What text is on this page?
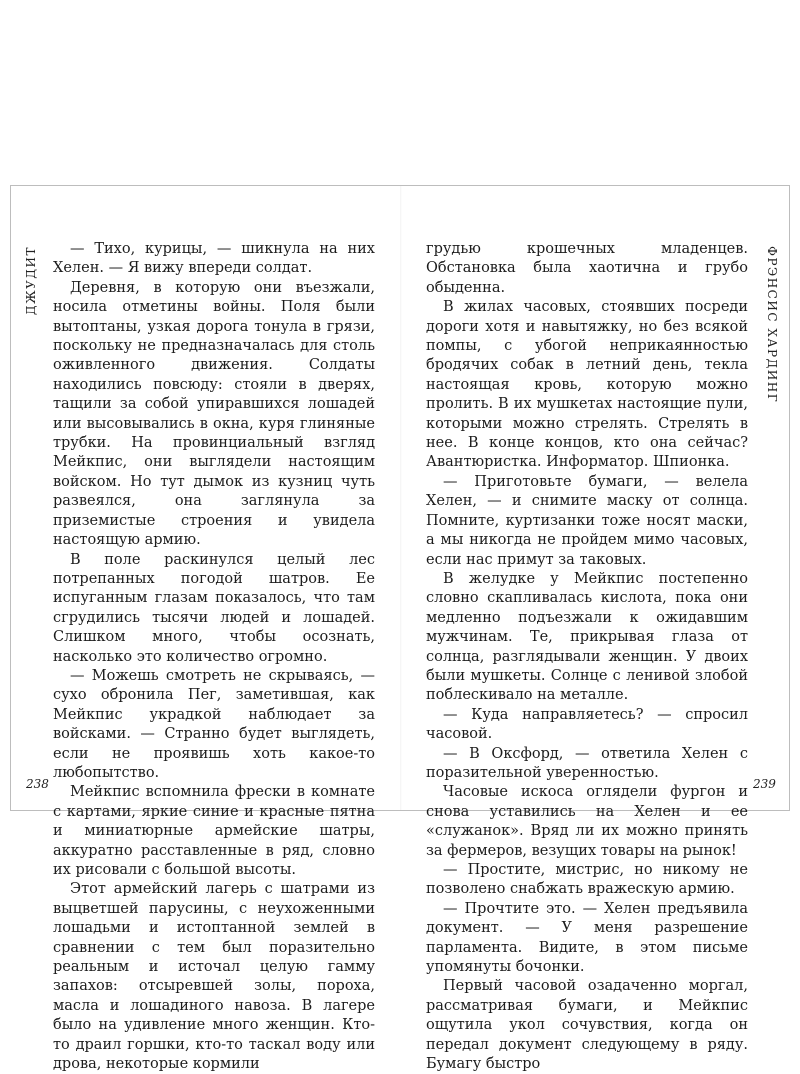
ДЖУДИТ	ФРЭНСИС ХАРДИНГ

— Тихо, курицы, — шикнула на них Хелен. — Я вижу впереди солдат.

Деревня, в которую они въезжали, носила отметины войны. Поля были вытоптаны, узкая дорога тонула в грязи, поскольку не предназначалась для столь оживленного движения. Солдаты находились повсюду: стояли в дверях, тащили за собой упиравшихся лошадей или высовывались в окна, куря глиняные трубки. На провинциальный взгляд Мейкпис, они выглядели настоящим войском. Но тут дымок из кузниц чуть развеялся, она заглянула за приземистые строения и увидела настоящую армию.

В поле раскинулся целый лес потрепанных погодой шатров. Ее испуганным глазам показалось, что там сгрудились тысячи людей и лошадей. Слишком много, чтобы осознать, насколько это количество огромно.

— Можешь смотреть не скрываясь, — сухо обронила Пег, заметившая, как Мейкпис украдкой наблюдает за войсками. — Странно будет выглядеть, если не проявишь хоть какое-то любопытство.

Мейкпис вспомнила фрески в комнате с картами, яркие синие и красные пятна и миниатюрные армейские шатры, аккуратно расставленные в ряд, словно их рисовали с большой высоты.

Этот армейский лагерь с шатрами из выцветшей парусины, с неухоженными лошадьми и истоптанной землей в сравнении с тем был поразительно реальным и источал целую гамму запахов: отсыревшей золы, пороха, масла и лошадиного навоза. В лагере было на удивление много женщин. Кто-то драил горшки, кто-то таскал воду или дрова, некоторые кормили

грудью крошечных младенцев. Обстановка была хаотична и грубо обыденна.

В жилах часовых, стоявших посреди дороги хотя и навытяжку, но без всякой помпы, с убогой неприкаянностью бродячих собак в летний день, текла настоящая кровь, которую можно пролить. В их мушкетах настоящие пули, которыми можно стрелять. Стрелять в нее. В конце концов, кто она сейчас? Авантюристка. Информатор. Шпионка.

— Приготовьте бумаги, — велела Хелен, — и снимите маску от солнца. Помните, куртизанки тоже носят маски, а мы никогда не пройдем мимо часовых, если нас примут за таковых.

В желудке у Мейкпис постепенно словно скапливалась кислота, пока они медленно подъезжали к ожидавшим мужчинам. Те, прикрывая глаза от солнца, разглядывали женщин. У двоих были мушкеты. Солнце с ленивой злобой поблескивало на металле.

— Куда направляетесь? — спросил часовой.

— В Оксфорд, — ответила Хелен с поразительной уверенностью.

Часовые искоса оглядели фургон и снова уставились на Хелен и ее «служанок». Вряд ли их можно принять за фермеров, везущих товары на рынок!

— Простите, мистрис, но никому не позволено снабжать вражескую армию.

— Прочтите это. — Хелен предъявила документ. — У меня разрешение парламента. Видите, в этом письме упомянуты бочонки.

Первый часовой озадаченно моргал, рассматривая бумаги, и Мейкпис ощутила укол сочувствия, когда он передал документ следующему в ряду. Бумагу быстро

238	239
